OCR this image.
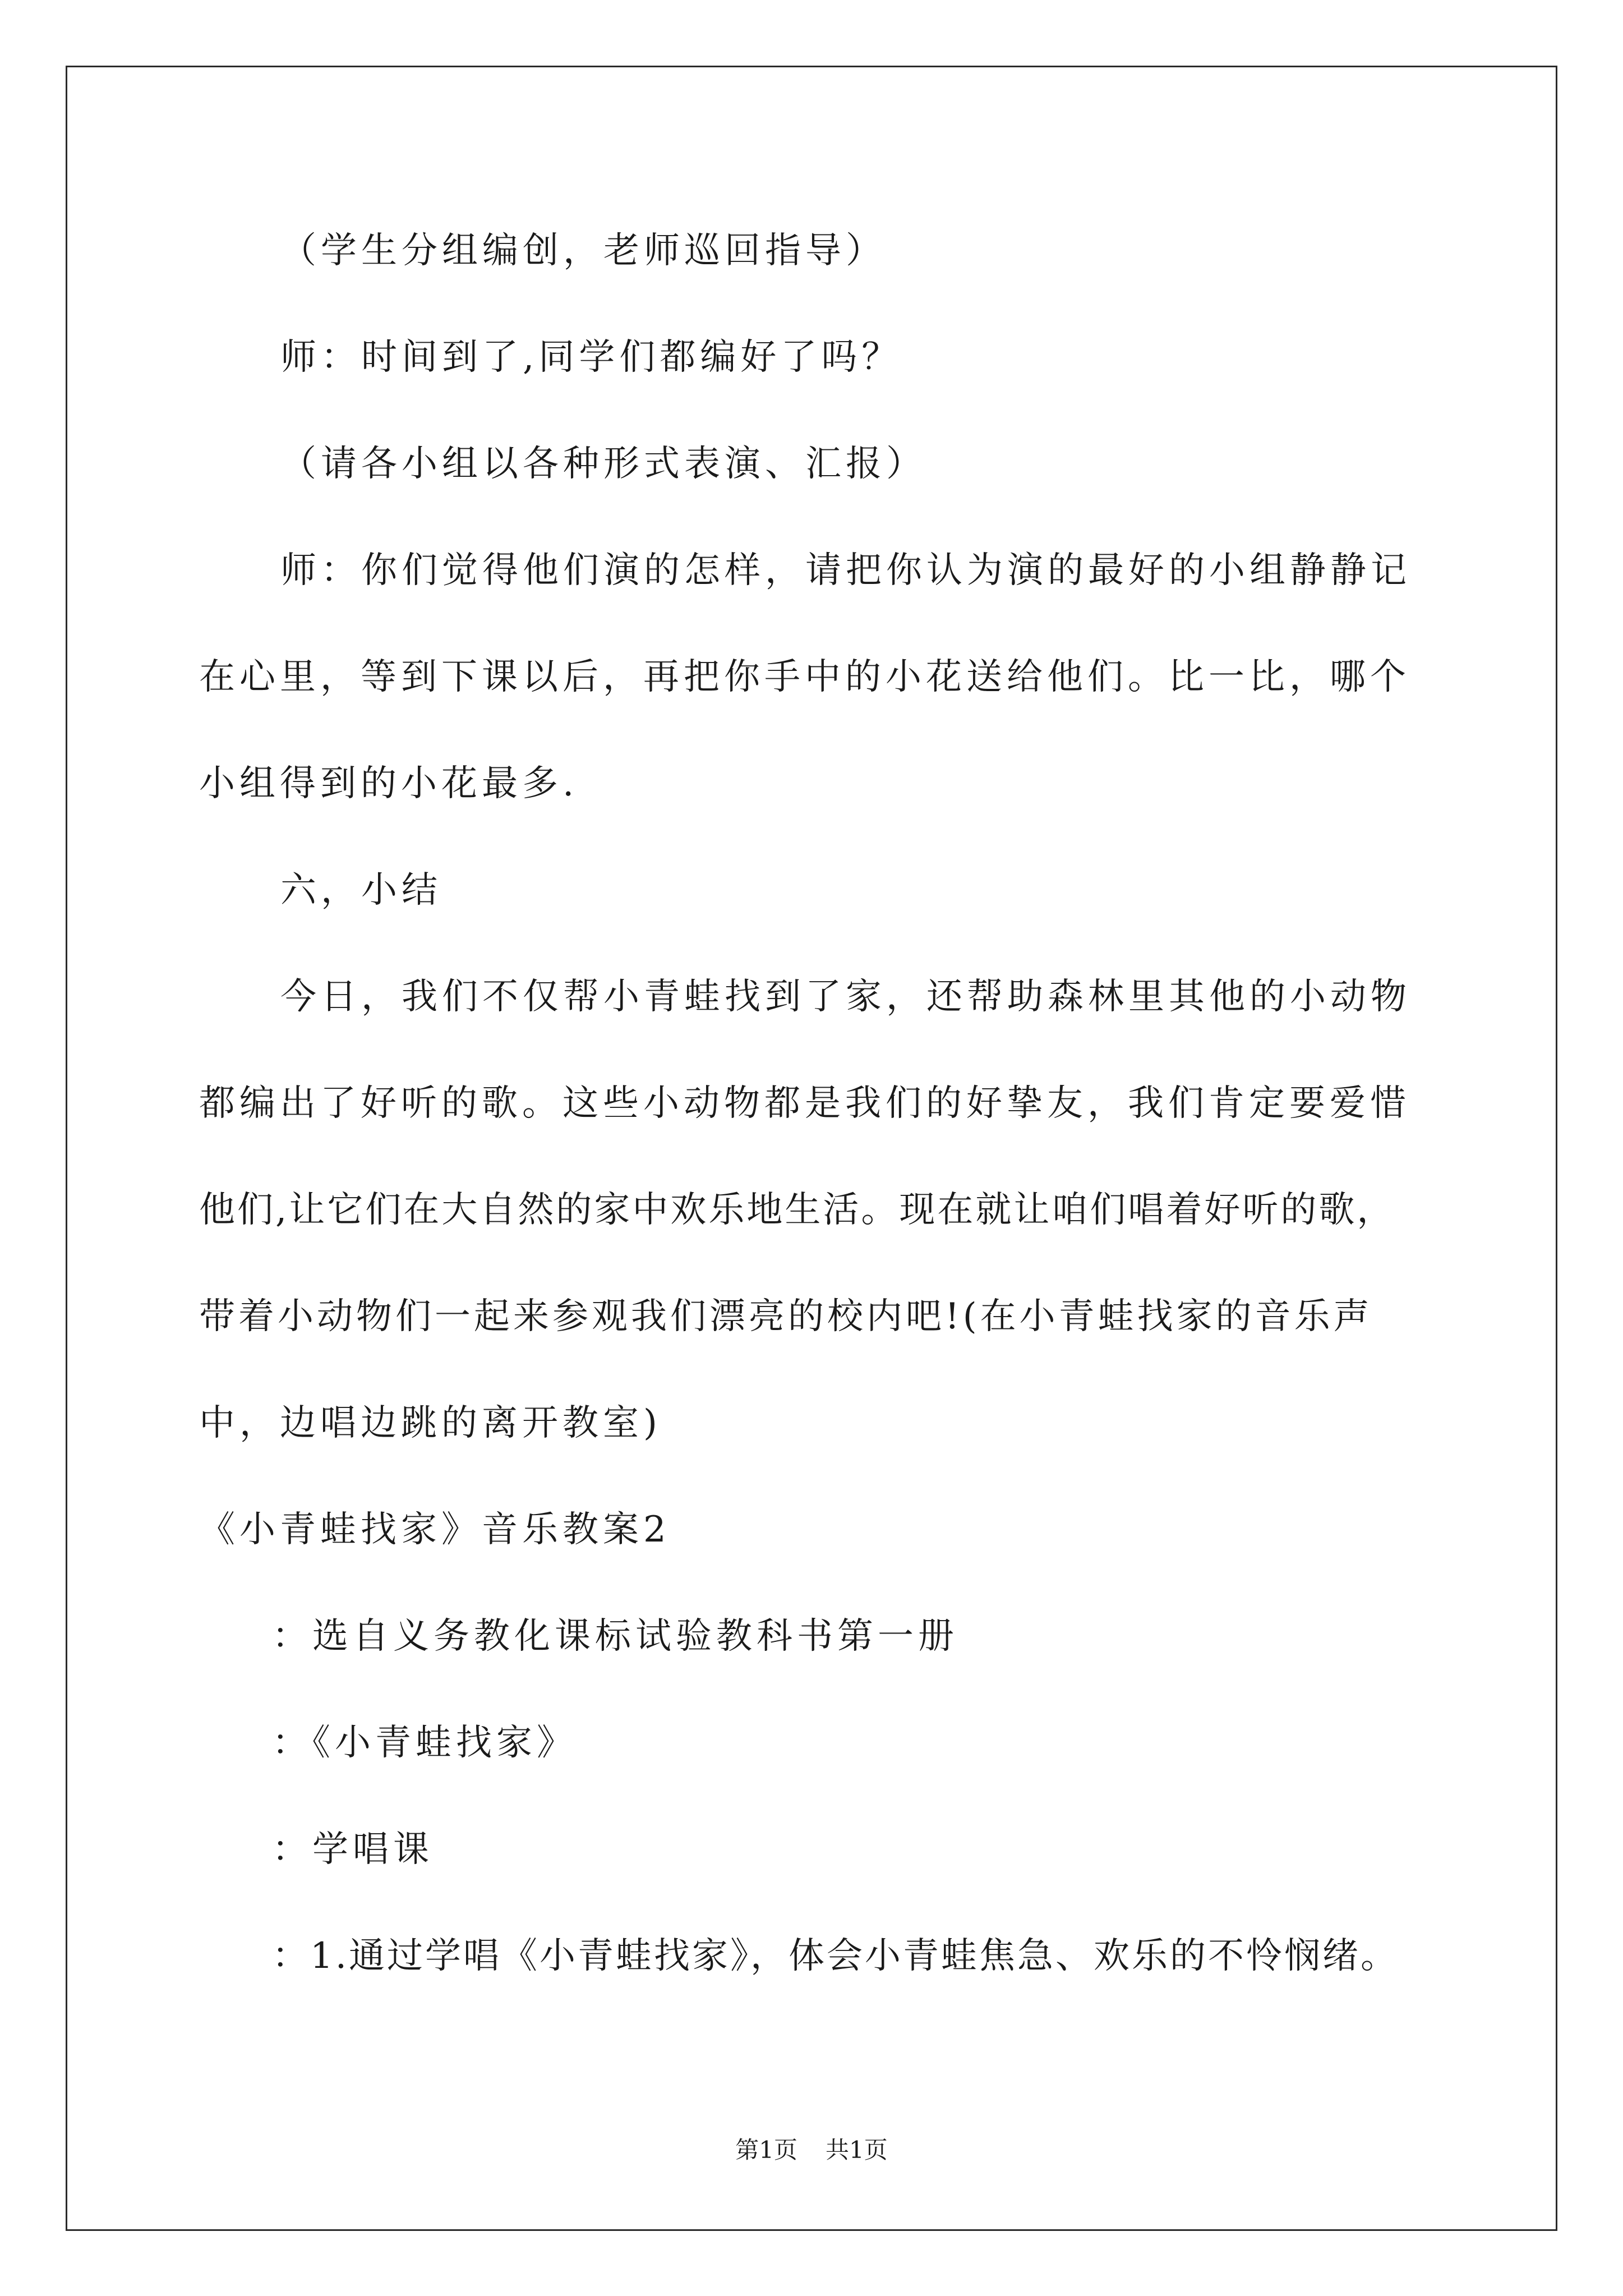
（学生分组编创，老师巡回指导）
师：时间到了,同学们都编好了吗？
（请各小组以各种形式表演、汇报）
师：你们觉得他们演的怎样，请把你认为演的最好的小组静静记
在心里，等到下课以后，再把你手中的小花送给他们。比一比，哪个
小组得到的小花最多.
六，小结
今日，我们不仅帮小青蛙找到了家，还帮助森林里其他的小动物
都编出了好听的歌。这些小动物都是我们的好挚友，我们肯定要爱惜
他们,让它们在大自然的家中欢乐地生活。现在就让咱们唱着好听的歌，
带着小动物们一起来参观我们漂亮的校内吧!(在小青蛙找家的音乐声
中，边唱边跳的离开教室)
《小青蛙找家》音乐教案2
：选自义务教化课标试验教科书第一册
：《小青蛙找家》
：学唱课
：1.通过学唱《小青蛙找家》，体会小青蛙焦急、欢乐的不怜悯绪。
第1页 共1页
